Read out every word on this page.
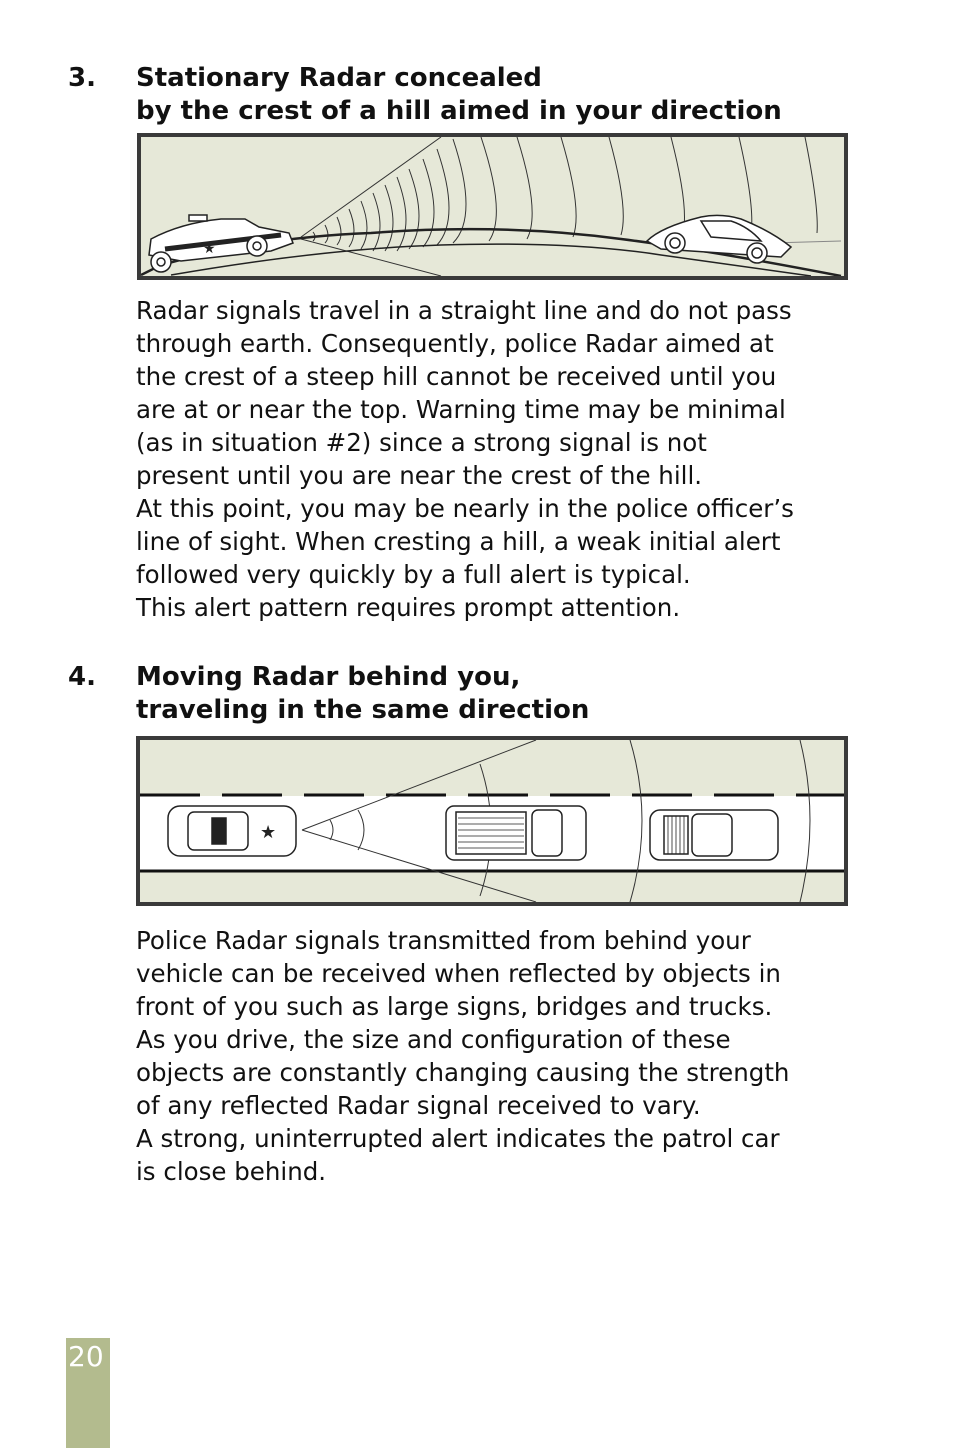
3. Stationary Radar concealed
by the crest of a hill aimed in your direction
★

Radar signals travel in a straight line and do not pass

through earth. Consequently, police Radar aimed at

the crest of a steep hill cannot be received until you

are at or near the top. Warning time may be minimal

(as in situation #2) since a strong signal is not

present until you are near the crest of the hill.

At this point, you may be nearly in the police officer’s

line of sight. When cresting a hill, a weak initial alert

followed very quickly by a full alert is typical.

This alert pattern requires prompt attention.

4. Moving Radar behind you,
traveling in the same direction
★

Police Radar signals transmitted from behind your

vehicle can be received when reflected by objects in

front of you such as large signs, bridges and trucks.

As you drive, the size and configuration of these

objects are constantly changing causing the strength

of any reflected Radar signal received to vary.

A strong, uninterrupted alert indicates the patrol car

is close behind.

20
